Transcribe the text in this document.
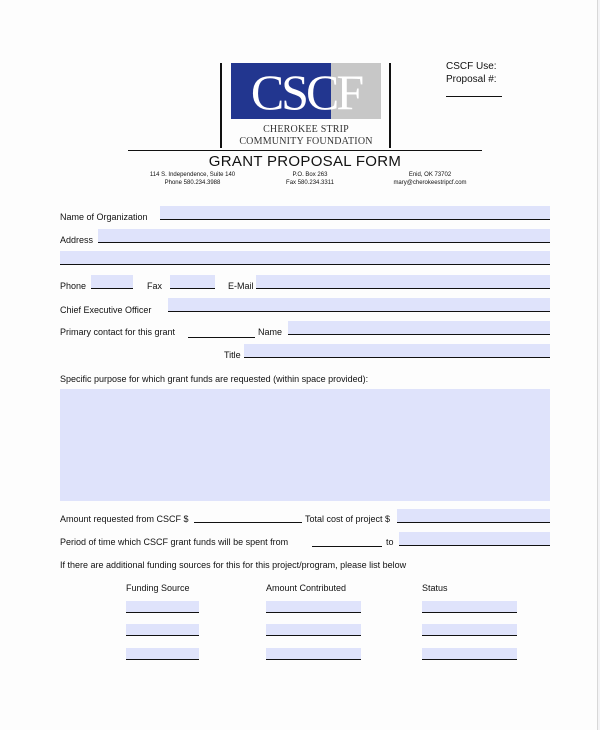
CSCF Use:
Proposal #:
CSCF
CHEROKEE STRIP
COMMUNITY FOUNDATION
GRANT PROPOSAL FORM
114 S. Independence, Suite 140
Phone 580.234.3988
P.O. Box 263
Fax 580.234.3311
Enid, OK 73702
mary@cherokeestripcf.com
Name of Organization
Address
Phone	Fax	E-Mail
Chief Executive Officer
Primary contact for this grant	Name
Title
Specific purpose for which grant funds are requested (within space provided):
Amount requested from CSCF $	Total cost of project $
Period of time which CSCF grant funds will be spent from	to
If there are additional funding sources for this for this project/program, please list below
Funding Source	Amount Contributed	Status
